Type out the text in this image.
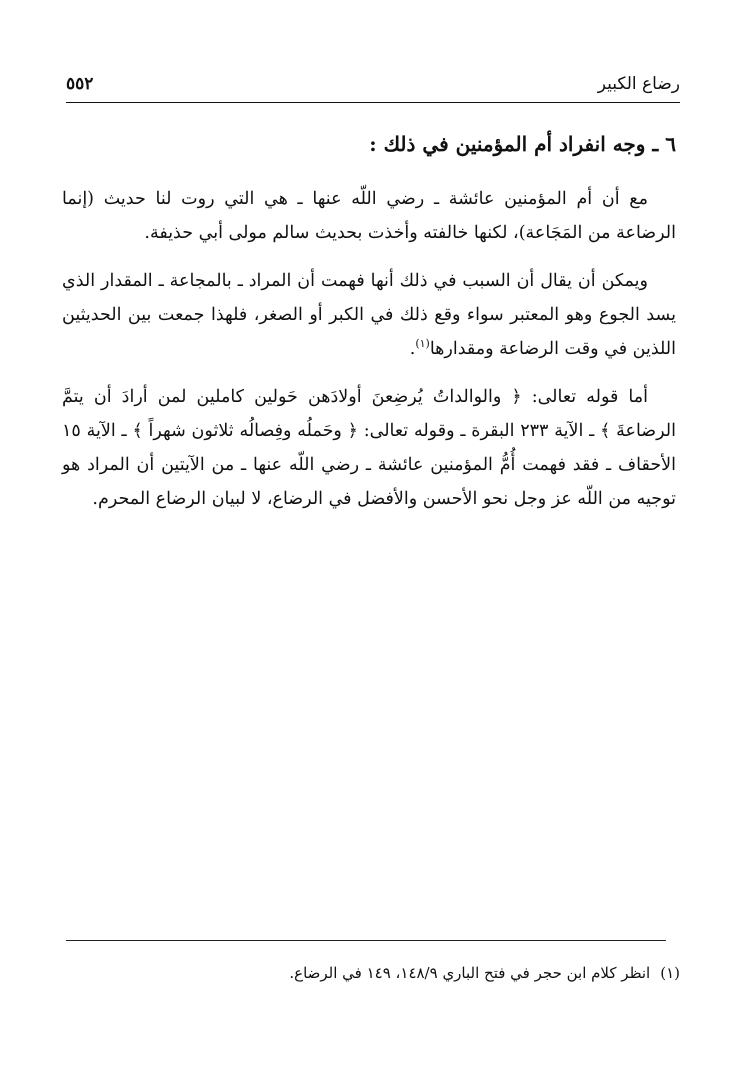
رضاع الكبير
٥٥٢
٦ ـ وجه انفراد أم المؤمنين في ذلك :

مع أن أم المؤمنين عائشة ـ رضي اللّه عنها ـ هي التي روت لنا حديث (إنما الرضاعة من المَجَاعة)، لكنها خالفته وأخذت بحديث سالم مولى أبي حذيفة.

ويمكن أن يقال أن السبب في ذلك أنها فهمت أن المراد ـ بالمجاعة ـ المقدار الذي يسد الجوع وهو المعتبر سواء وقع ذلك في الكبر أو الصغر، فلهذا جمعت بين الحديثين اللذين في وقت الرضاعة ومقدارها$^{(١)}$.

أما قوله تعالى: ﴿ والوالداتُ يُرضِعنَ أولادَهن حَولين كاملين لمن أرادَ أن يتمَّ الرضاعةَ ﴾ ـ الآية ٢٣٣ البقرة ـ وقوله تعالى: ﴿ وحَملُه وفِصالُه ثلاثون شهراً ﴾ ـ الآية ١٥ الأحقاف ـ فقد فهمت أُمُّ المؤمنين عائشة ـ رضي اللّه عنها ـ من الآيتين أن المراد هو توجيه من اللّه عز وجل نحو الأحسن والأفضل في الرضاع، لا لبيان الرضاع المحرم.

(١)انظر كلام ابن حجر في فتح الباري ١٤٨/٩، ١٤٩ في الرضاع.
